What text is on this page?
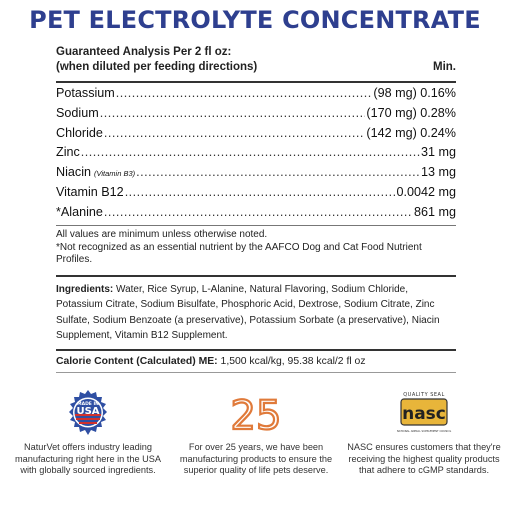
PET ELECTROLYTE CONCENTRATE
Guaranteed Analysis Per 2 fl oz:
(when diluted per feeding directions)	Min.
Potassium .....	(98 mg) 0.16%
Sodium .....	(170 mg) 0.28%
Chloride .....	(142 mg) 0.24%
Zinc .....	31 mg
Niacin (Vitamin B3) .....	13 mg
Vitamin B12 .....	0.0042 mg
*Alanine .....	861 mg
All values are minimum unless otherwise noted.
*Not recognized as an essential nutrient by the AAFCO Dog and Cat Food Nutrient Profiles.
Ingredients: Water, Rice Syrup, L-Alanine, Natural Flavoring, Sodium Chloride, Potassium Citrate, Sodium Bisulfate, Phosphoric Acid, Dextrose, Sodium Citrate, Zinc Sulfate, Sodium Benzoate (a preservative), Potassium Sorbate (a preservative), Niacin Supplement, Vitamin B12 Supplement.
Calorie Content (Calculated) ME: 1,500 kcal/kg, 95.38 kcal/2 fl oz
MADE IN
USA
NaturVet offers industry leading manufacturing right here in the USA with globally sourced ingredients.
25
For over 25 years, we have been manufacturing products to ensure the superior quality of life pets deserve.
QUALITY SEAL
nasc
NATIONAL ANIMAL SUPPLEMENT COUNCIL
NASC ensures customers that they're receiving the highest quality products that adhere to cGMP standards.
